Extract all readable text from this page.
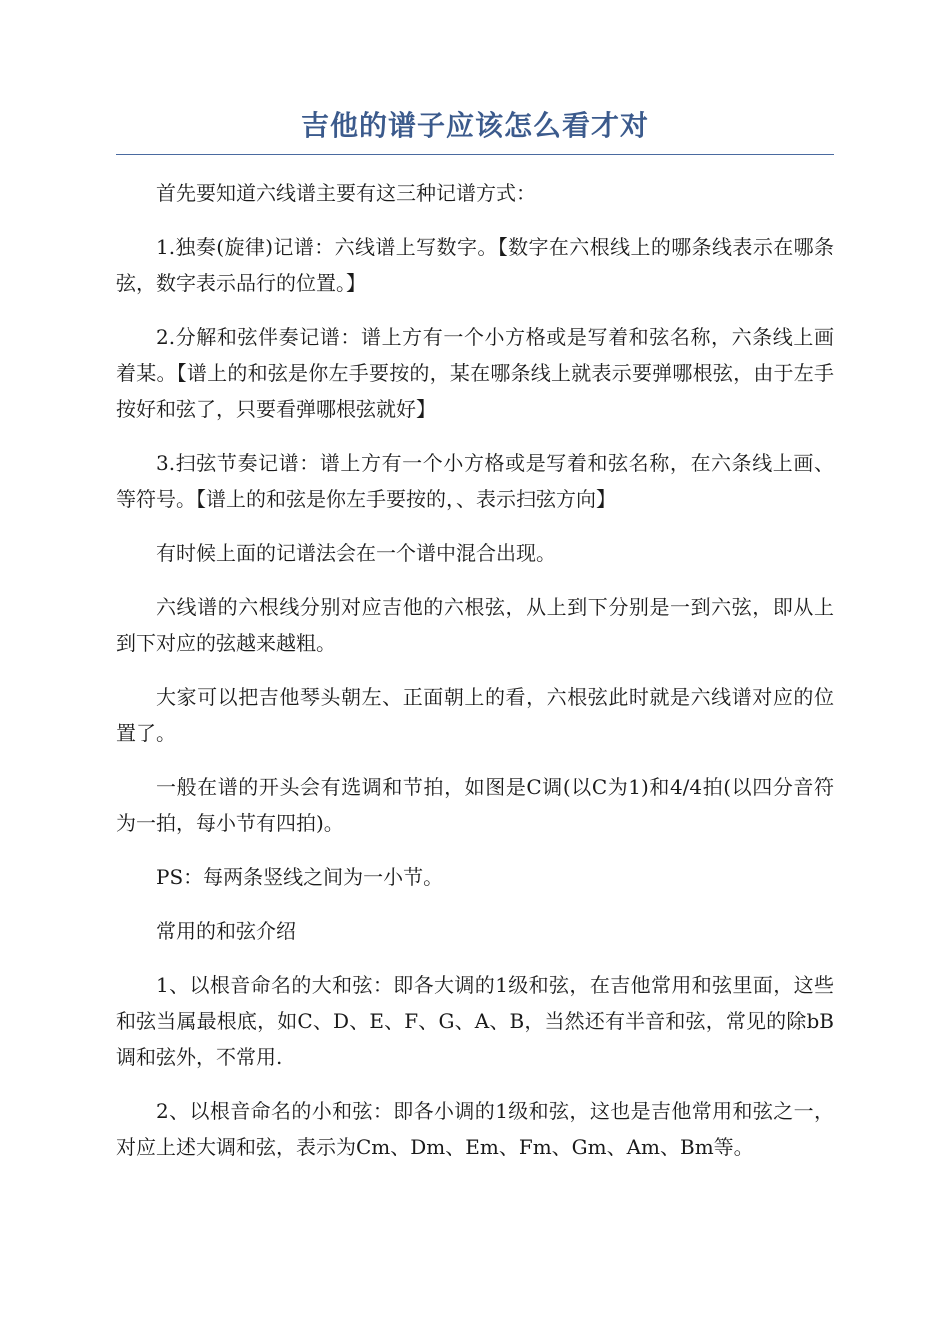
吉他的谱子应该怎么看才对

首先要知道六线谱主要有这三种记谱方式：

1.独奏(旋律)记谱：六线谱上写数字。【数字在六根线上的哪条线表示在哪条弦，数字表示品行的位置。】

2.分解和弦伴奏记谱：谱上方有一个小方格或是写着和弦名称，六条线上画着某。【谱上的和弦是你左手要按的，某在哪条线上就表示要弹哪根弦，由于左手按好和弦了，只要看弹哪根弦就好】

3.扫弦节奏记谱：谱上方有一个小方格或是写着和弦名称，在六条线上画、等符号。【谱上的和弦是你左手要按的，、表示扫弦方向】

有时候上面的记谱法会在一个谱中混合出现。

六线谱的六根线分别对应吉他的六根弦，从上到下分别是一到六弦，即从上到下对应的弦越来越粗。

大家可以把吉他琴头朝左、正面朝上的看，六根弦此时就是六线谱对应的位置了。

一般在谱的开头会有选调和节拍，如图是C调(以C为1)和4/4拍(以四分音符为一拍，每小节有四拍)。

PS：每两条竖线之间为一小节。

常用的和弦介绍

1、以根音命名的大和弦：即各大调的1级和弦，在吉他常用和弦里面，这些和弦当属最根底，如C、D、E、F、G、A、B，当然还有半音和弦，常见的除bB调和弦外，不常用.

2、以根音命名的小和弦：即各小调的1级和弦，这也是吉他常用和弦之一，对应上述大调和弦，表示为Cm、Dm、Em、Fm、Gm、Am、Bm等。
